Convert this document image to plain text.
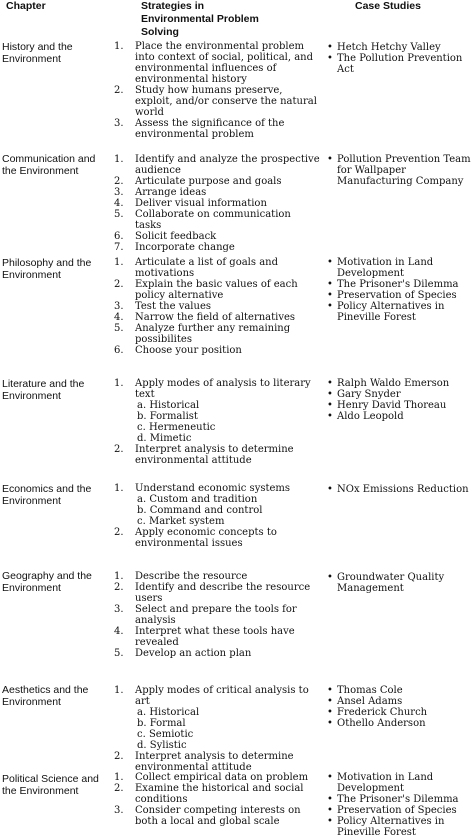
Chapter	Strategies in Environmental Problem Solving
Case Studies
History and the
Environment
1. Place the environmental problem into context of social, political, and environmental influences of environmental history
2. Study how humans preserve, exploit, and/or conserve the natural world
3. Assess the significance of the environmental problem
• Hetch Hetchy Valley
• The Pollution Prevention Act
Communication and
the Environment
1. Identify and analyze the prospective audience
2. Articulate purpose and goals
3. Arrange ideas
4. Deliver visual information
5. Collaborate on communication tasks
6. Solicit feedback
7. Incorporate change
• Pollution Prevention Team for Wallpaper Manufacturing Company
Philosophy and the
Environment
1. Articulate a list of goals and motivations
2. Explain the basic values of each policy alternative
3. Test the values
4. Narrow the field of alternatives
5. Analyze further any remaining possibilites
6. Choose your position
• Motivation in Land Development
• The Prisoner's Dilemma
• Preservation of Species
• Policy Alternatives in Pineville Forest
Literature and the
Environment
1. Apply modes of analysis to literary text
a. Historical
b. Formalist
c. Hermeneutic
d. Mimetic
2. Interpret analysis to determine environmental attitude
• Ralph Waldo Emerson
• Gary Snyder
• Henry David Thoreau
• Aldo Leopold
Economics and the
Environment
1. Understand economic systems
a. Custom and tradition
b. Command and control
c. Market system
2. Apply economic concepts to environmental issues
• NOx Emissions Reduction
Geography and the
Environment
1. Describe the resource
2. Identify and describe the resource users
3. Select and prepare the tools for analysis
4. Interpret what these tools have revealed
5. Develop an action plan
• Groundwater Quality Management
Aesthetics and the
Environment
1. Apply modes of critical analysis to art
a. Historical
b. Formal
c. Semiotic
d. Sylistic
2. Interpret analysis to determine environmental attitude
• Thomas Cole
• Ansel Adams
• Frederick Church
• Othello Anderson
Political Science and
the Environment
1. Collect empirical data on problem
2. Examine the historical and social conditions
3. Consider competing interests on both a local and global scale
• Motivation in Land Development
• The Prisoner's Dilemma
• Preservation of Species
• Policy Alternatives in Pineville Forest
